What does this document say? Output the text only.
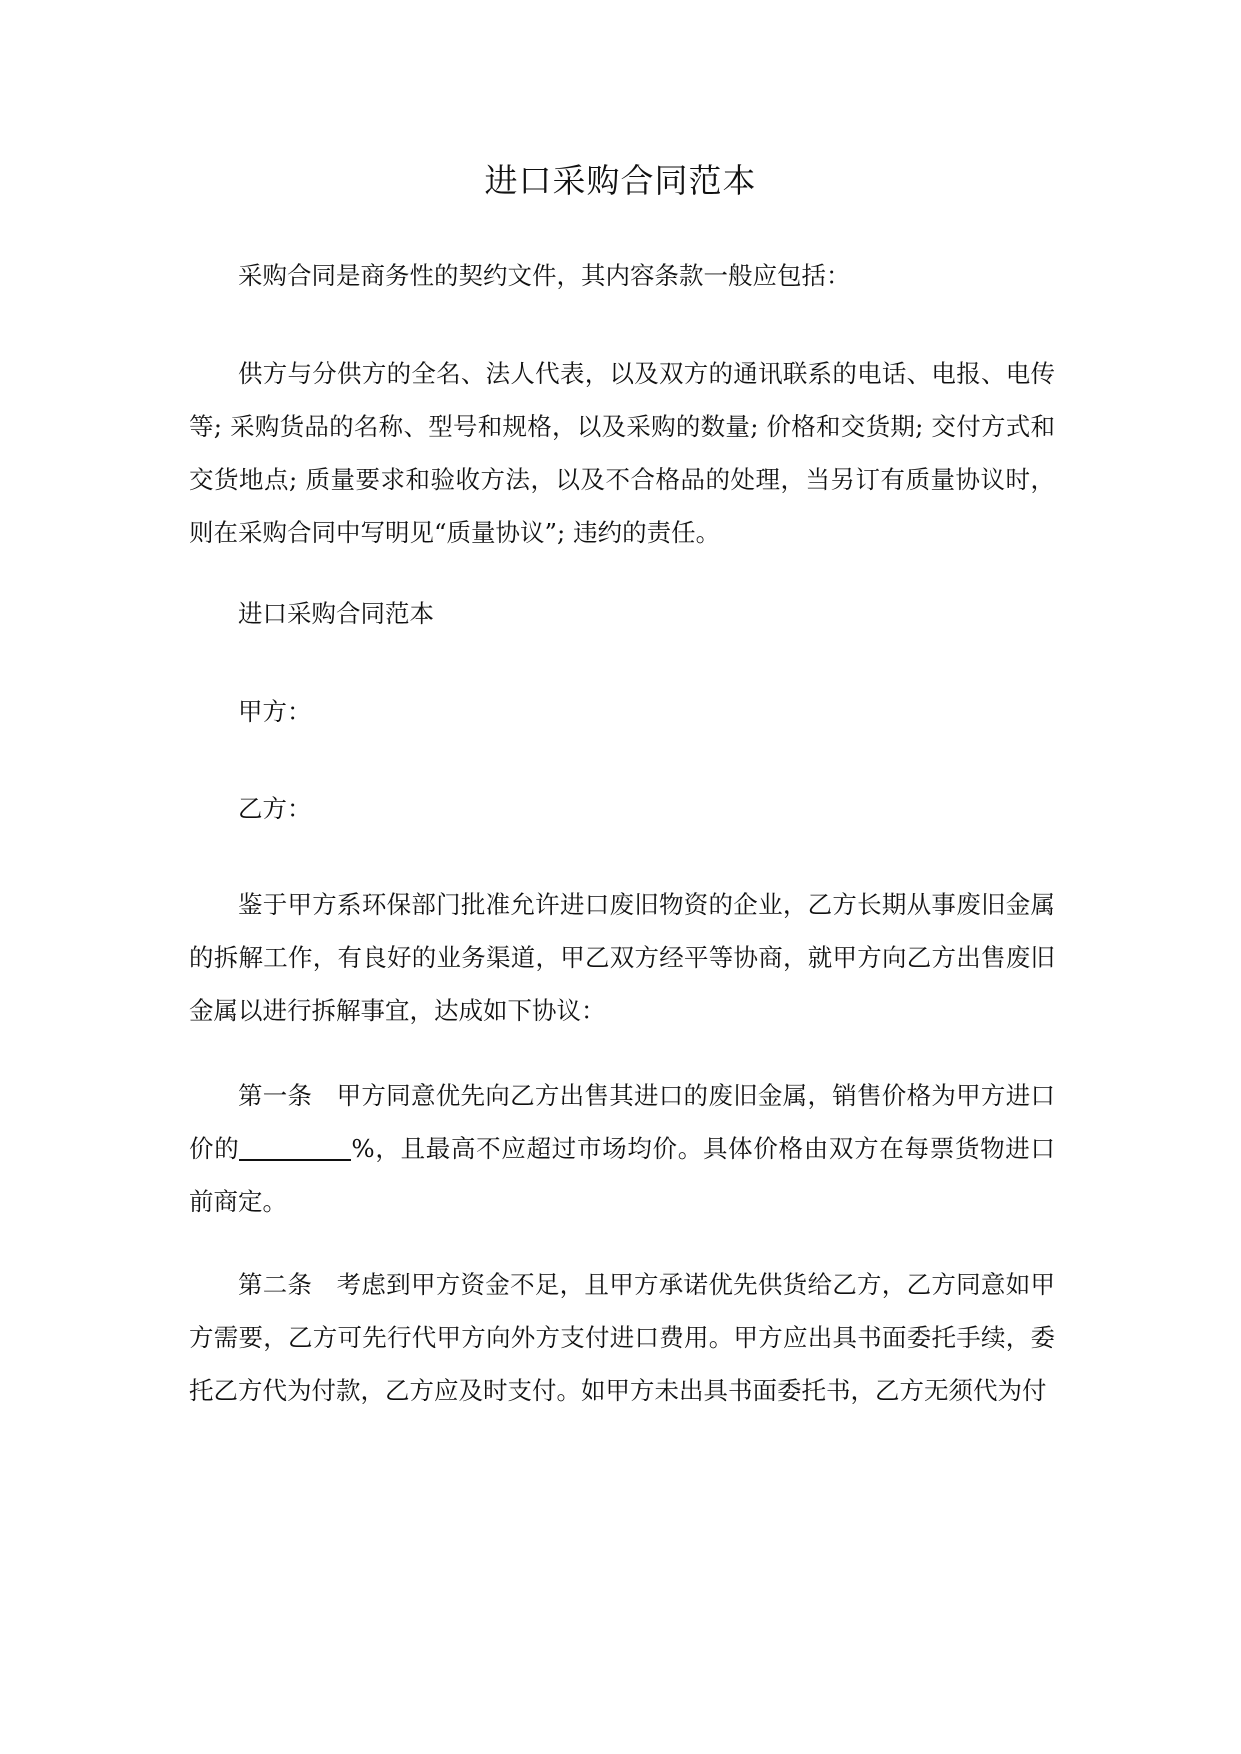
进口采购合同范本

采购合同是商务性的契约文件，其内容条款一般应包括：

供方与分供方的全名、法人代表，以及双方的通讯联系的电话、电报、电传等; 采购货品的名称、型号和规格，以及采购的数量; 价格和交货期; 交付方式和交货地点; 质量要求和验收方法，以及不合格品的处理，当另订有质量协议时，则在采购合同中写明见“质量协议”; 违约的责任。

进口采购合同范本

甲方：

乙方：

鉴于甲方系环保部门批准允许进口废旧物资的企业，乙方长期从事废旧金属的拆解工作，有良好的业务渠道，甲乙双方经平等协商，就甲方向乙方出售废旧金属以进行拆解事宜，达成如下协议：

第一条 甲方同意优先向乙方出售其进口的废旧金属，销售价格为甲方进口价的	%，且最高不应超过市场均价。具体价格由双方在每票货物进口前商定。

第二条 考虑到甲方资金不足，且甲方承诺优先供货给乙方，乙方同意如甲方需要，乙方可先行代甲方向外方支付进口费用。甲方应出具书面委托手续，委托乙方代为付款，乙方应及时支付。如甲方未出具书面委托书，乙方无须代为付
